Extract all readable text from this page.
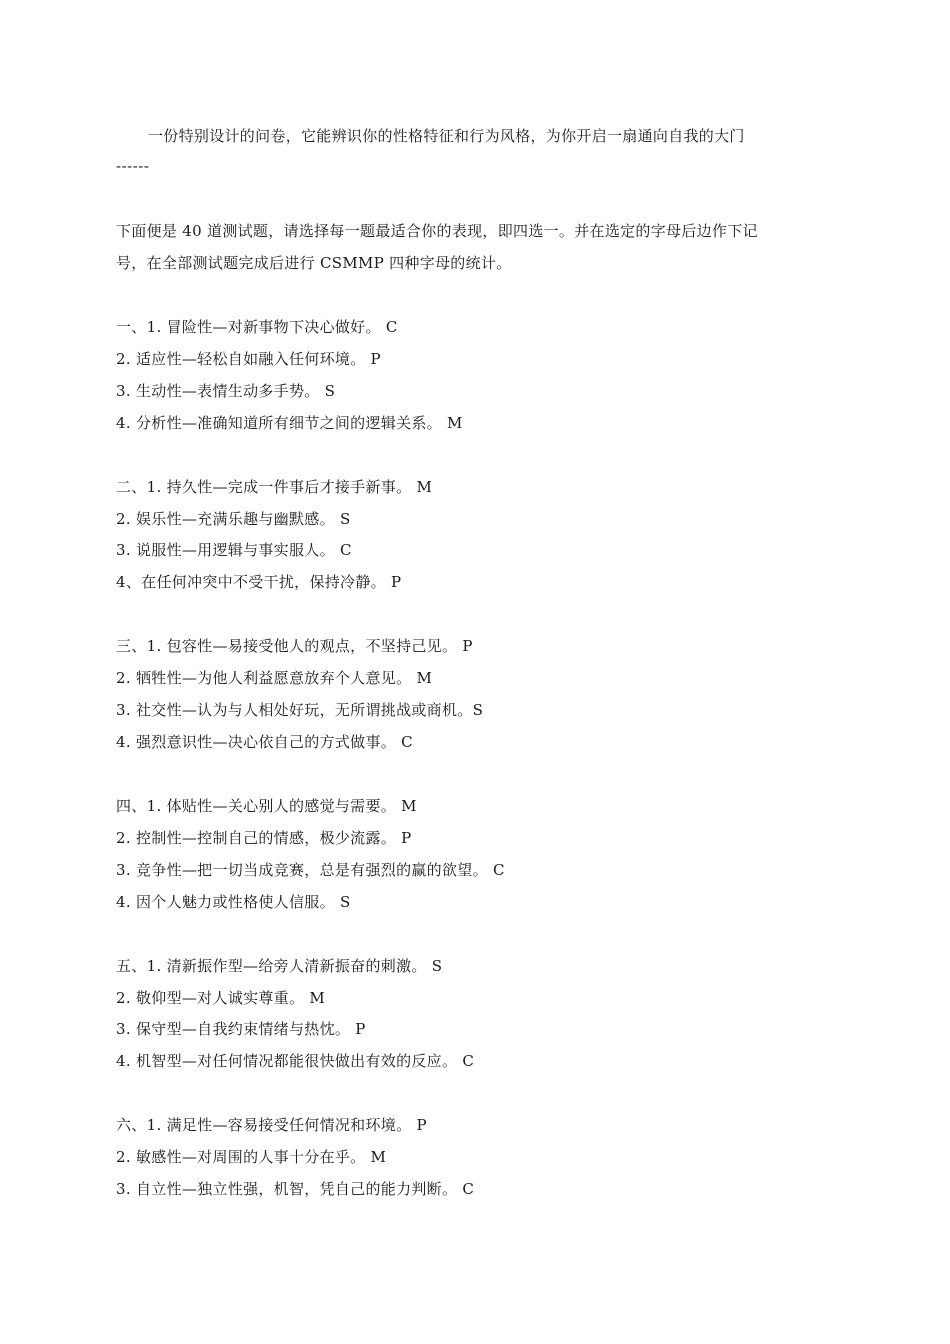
一份特别设计的问卷，它能辨识你的性格特征和行为风格，为你开启一扇通向自我的大门
------
下面便是 40 道测试题，请选择每一题最适合你的表现，即四选一。并在选定的字母后边作下记
号，在全部测试题完成后进行 CSMMP 四种字母的统计。
一、1. 冒险性—对新事物下决心做好。 C
2. 适应性—轻松自如融入任何环境。 P
3. 生动性—表情生动多手势。 S
4. 分析性—准确知道所有细节之间的逻辑关系。 M
二、1. 持久性—完成一件事后才接手新事。 M
2. 娱乐性—充满乐趣与幽默感。 S
3. 说服性—用逻辑与事实服人。 C
4、在任何冲突中不受干扰，保持冷静。 P
三、1. 包容性—易接受他人的观点，不坚持己见。 P
2. 牺牲性—为他人利益愿意放弃个人意见。 M
3. 社交性—认为与人相处好玩，无所谓挑战或商机。S
4. 强烈意识性—决心依自己的方式做事。 C
四、1. 体贴性—关心别人的感觉与需要。 M
2. 控制性—控制自己的情感，极少流露。 P
3. 竞争性—把一切当成竞赛，总是有强烈的赢的欲望。 C
4. 因个人魅力或性格使人信服。 S
五、1. 清新振作型—给旁人清新振奋的刺激。 S
2. 敬仰型—对人诚实尊重。 M
3. 保守型—自我约束情绪与热忱。 P
4. 机智型—对任何情况都能很快做出有效的反应。 C
六、1. 满足性—容易接受任何情况和环境。 P
2. 敏感性—对周围的人事十分在乎。 M
3. 自立性—独立性强，机智，凭自己的能力判断。 C
